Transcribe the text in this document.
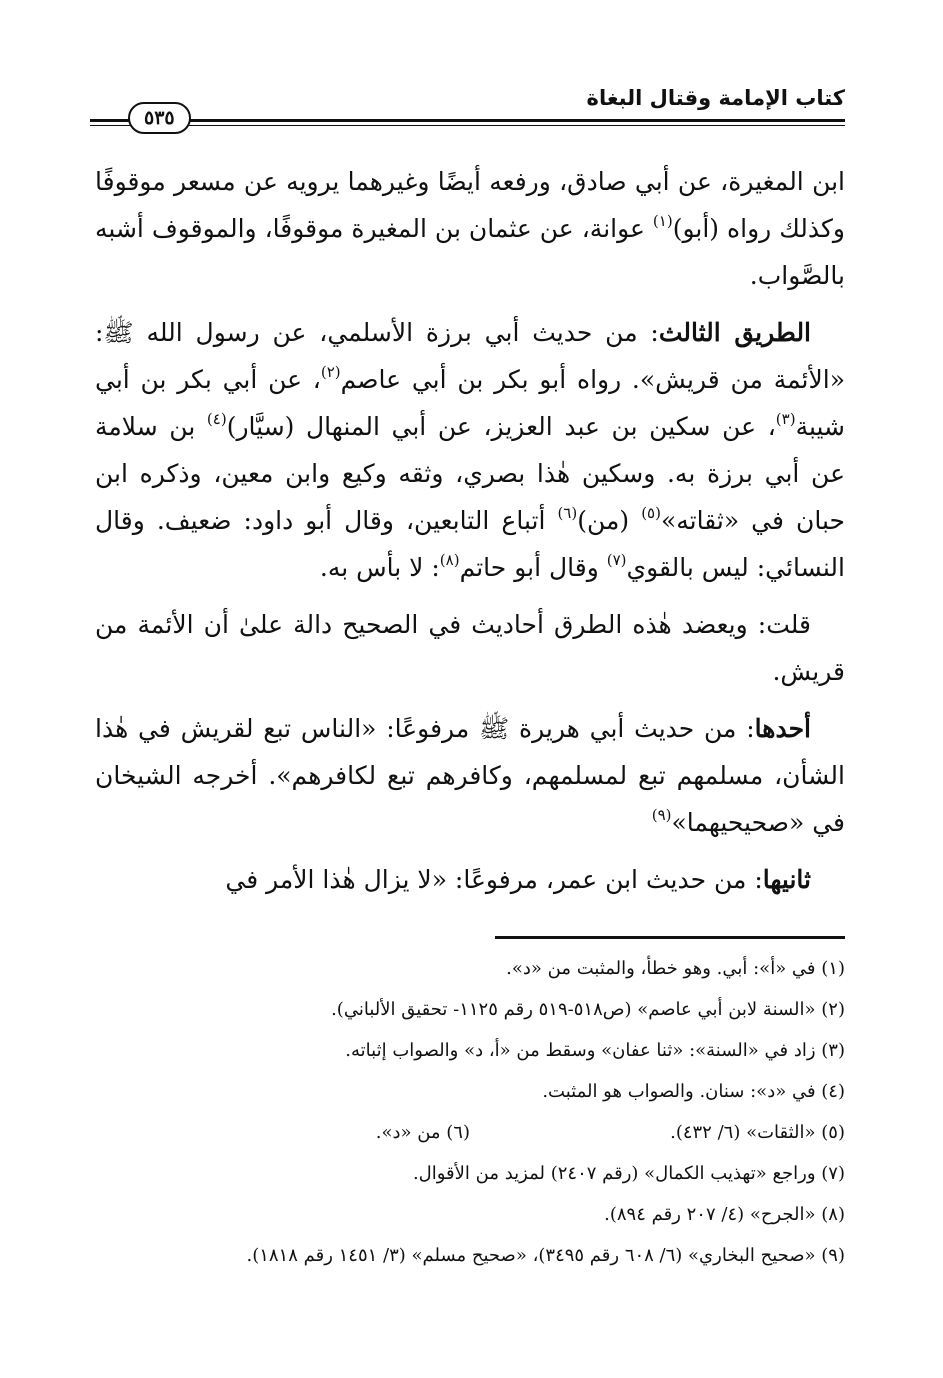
كتاب الإمامة وقتال البغاة
٥٣٥

ابن المغيرة، عن أبي صادق، ورفعه أيضًا وغيرهما يرويه عن مسعر موقوفًا وكذلك رواه (أبو)$^{(١)}$ عوانة، عن عثمان بن المغيرة موقوفًا، والموقوف أشبه بالصَّواب.

الطريق الثالث: من حديث أبي برزة الأسلمي، عن رسول الله ﷺ: «الأئمة من قريش». رواه أبو بكر بن أبي عاصم$^{(٢)}$، عن أبي بكر بن أبي شيبة$^{(٣)}$، عن سكين بن عبد العزيز، عن أبي المنهال (سيَّار)$^{(٤)}$ بن سلامة عن أبي برزة به. وسكين هٰذا بصري، وثقه وكيع وابن معين، وذكره ابن حبان في «ثقاته»$^{(٥)}$ (من)$^{(٦)}$ أتباع التابعين، وقال أبو داود: ضعيف. وقال النسائي: ليس بالقوي$^{(٧)}$ وقال أبو حاتم$^{(٨)}$: لا بأس به.

قلت: ويعضد هٰذه الطرق أحاديث في الصحيح دالة علىٰ أن الأئمة من قريش.

أحدها: من حديث أبي هريرة ﷺ مرفوعًا: «الناس تبع لقريش في هٰذا الشأن، مسلمهم تبع لمسلمهم، وكافرهم تبع لكافرهم». أخرجه الشيخان في «صحيحيهما»$^{(٩)}$

ثانيها: من حديث ابن عمر، مرفوعًا: «لا يزال هٰذا الأمر في

(١) في «أ»: أبي. وهو خطأ، والمثبت من «د».
(٢) «السنة لابن أبي عاصم» (ص٥١٨-٥١٩ رقم ١١٢٥- تحقيق الألباني).
(٣) زاد في «السنة»: «ثنا عفان» وسقط من «أ، د» والصواب إثباته.
(٤) في «د»: سنان. والصواب هو المثبت.
(٥) «الثقات» (٦/ ٤٣٢).
(٦) من «د».
(٧) وراجع «تهذيب الكمال» (رقم ٢٤٠٧) لمزيد من الأقوال.
(٨) «الجرح» (٤/ ٢٠٧ رقم ٨٩٤).
(٩) «صحيح البخاري» (٦/ ٦٠٨ رقم ٣٤٩٥)، «صحيح مسلم» (٣/ ١٤٥١ رقم ١٨١٨).
